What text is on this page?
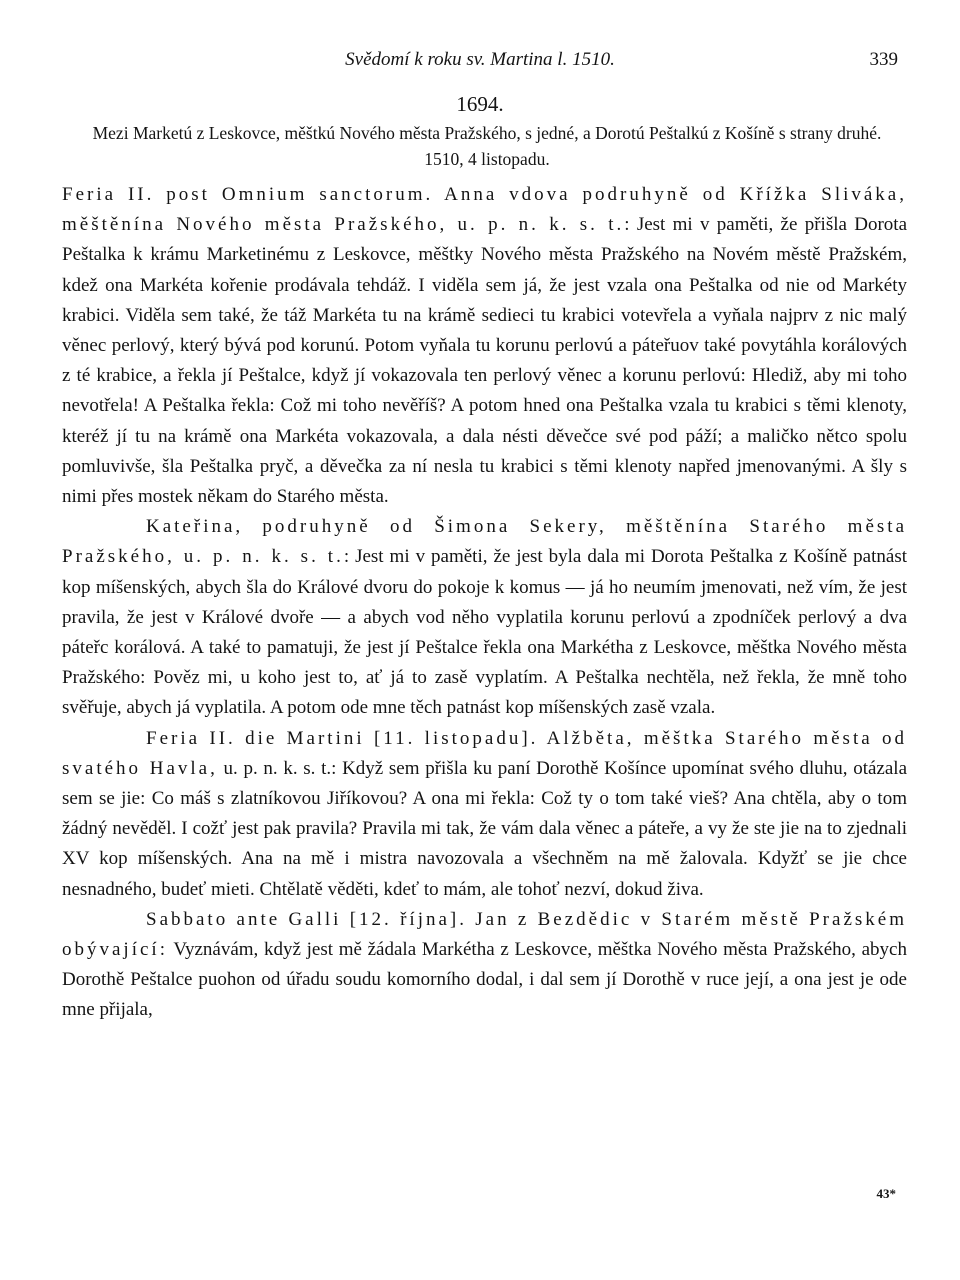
Svědomí k roku sv. Martina l. 1510.	339
1694.
Mezi Marketú z Leskovce, měštkú Nového města Pražského, s jedné, a Dorotú Peštalkú z Košíně s strany druhé. 1510, 4 listopadu.

Feria II. post Omnium sanctorum. Anna vdova podruhyně od Křížka Sliváka, měštěnína Nového města Pražského, u. p. n. k. s. t.: Jest mi v paměti, že přišla Dorota Peštalka k krámu Marketinému z Leskovce, měštky Nového města Pražského na Novém městě Pražském, kdež ona Markéta kořenie prodávala tehdáž. I viděla sem já, že jest vzala ona Peštalka od nie od Markéty krabici. Viděla sem také, že táž Markéta tu na krámě sedieci tu krabici votevřela a vyňala najprv z nic malý věnec perlový, který bývá pod korunú. Potom vyňala tu korunu perlovú a páteřuov také povytáhla korálových z té krabice, a řekla jí Peštalce, když jí vokazovala ten perlový věnec a korunu perlovú: Hlediž, aby mi toho nevotřela! A Peštalka řekla: Což mi toho nevěříš? A potom hned ona Peštalka vzala tu krabici s těmi klenoty, kteréž jí tu na krámě ona Markéta vokazovala, a dala nésti děvečce své pod páží; a maličko nětco spolu pomluvivše, šla Peštalka pryč, a děvečka za ní nesla tu krabici s těmi klenoty napřed jmenovanými. A šly s nimi přes mostek někam do Starého města.

Kateřina, podruhyně od Šimona Sekery, měštěnína Starého města Pražského, u. p. n. k. s. t.: Jest mi v paměti, že jest byla dala mi Dorota Peštalka z Košíně patnást kop míšenských, abych šla do Králové dvoru do pokoje k komus — já ho neumím jmenovati, než vím, že jest pravila, že jest v Králové dvoře — a abych vod něho vyplatila korunu perlovú a zpodníček perlový a dva páteřc korálová. A také to pamatuji, že jest jí Peštalce řekla ona Markétha z Leskovce, měštka Nového města Pražského: Pověz mi, u koho jest to, ať já to zasě vyplatím. A Peštalka nechtěla, než řekla, že mně toho svěřuje, abych já vyplatila. A potom ode mne těch patnást kop míšenských zasě vzala.

Feria II. die Martini [11. listopadu]. Alžběta, měštka Starého města od svatého Havla, u. p. n. k. s. t.: Když sem přišla ku paní Dorothě Košínce upomínat svého dluhu, otázala sem se jie: Co máš s zlatníkovou Jiříkovou? A ona mi řekla: Což ty o tom také vieš? Ana chtěla, aby o tom žádný nevěděl. I cožť jest pak pravila? Pravila mi tak, že vám dala věnec a páteře, a vy že ste jie na to zjednali XV kop míšenských. Ana na mě i mistra navozovala a všechněm na mě žalovala. Kdyžť se jie chce nesnadného, budeť mieti. Chtělatě věděti, kdeť to mám, ale tohoť nezví, dokud živa.

Sabbato ante Galli [12. října]. Jan z Bezdědic v Starém městě Pražském obývající: Vyznávám, když jest mě žádala Markétha z Leskovce, měštka Nového města Pražského, abych Dorothě Peštalce puohon od úřadu soudu komorního dodal, i dal sem jí Dorothě v ruce její, a ona jest je ode mne přijala,

43*
